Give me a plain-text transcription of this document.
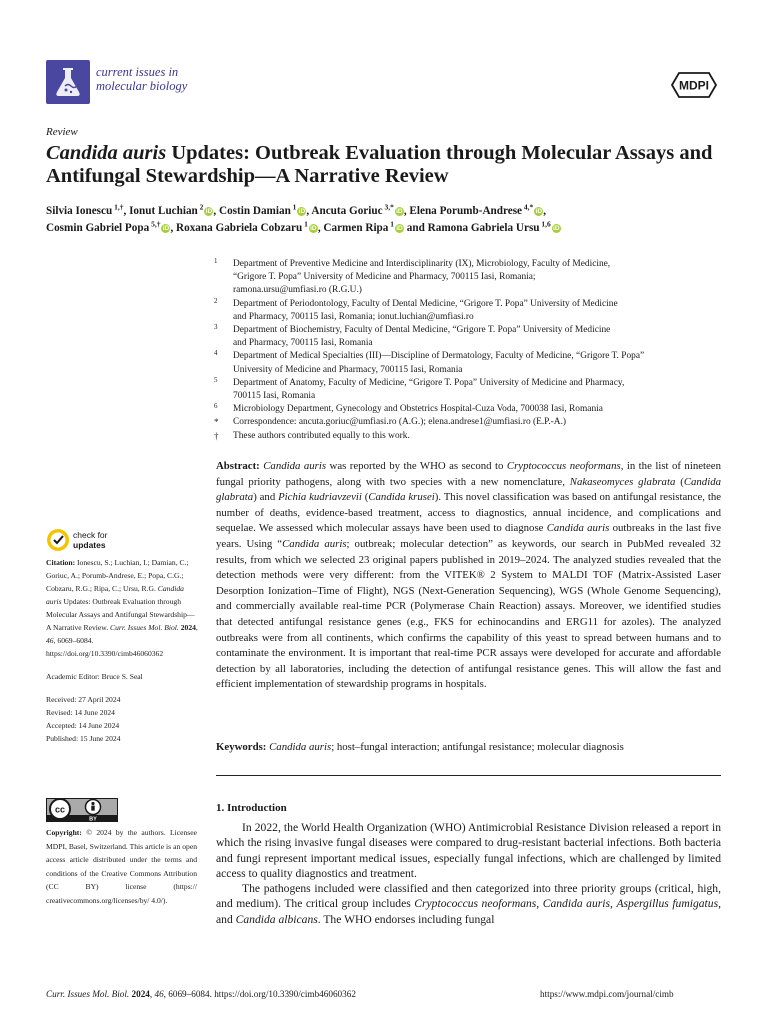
current issues in
molecular biology	MDPI
Review
Candida auris Updates: Outbreak Evaluation through Molecular Assays and Antifungal Stewardship—A Narrative Review
Silvia Ionescu $^{1,\dagger}$, Ionut Luchian $^2$iD, Costin Damian $^1$iD, Ancuta Goriuc $^{3,*}$iD, Elena Porumb-Andrese $^{4,*}$iD,
Cosmin Gabriel Popa $^{5,\dagger}$iD, Roxana Gabriela Cobzaru $^1$iD, Carmen Ripa $^1$iD and Ramona Gabriela Ursu $^{1,6}$iD
1 Department of Preventive Medicine and Interdisciplinarity (IX), Microbiology, Faculty of Medicine,
“Grigore T. Popa” University of Medicine and Pharmacy, 700115 Iasi, Romania;
ramona.ursu@umfiasi.ro (R.G.U.)
2 Department of Periodontology, Faculty of Dental Medicine, “Grigore T. Popa” University of Medicine
and Pharmacy, 700115 Iasi, Romania; ionut.luchian@umfiasi.ro
3 Department of Biochemistry, Faculty of Dental Medicine, “Grigore T. Popa” University of Medicine
and Pharmacy, 700115 Iasi, Romania
4 Department of Medical Specialties (III)—Discipline of Dermatology, Faculty of Medicine, “Grigore T. Popa”
University of Medicine and Pharmacy, 700115 Iasi, Romania
5 Department of Anatomy, Faculty of Medicine, “Grigore T. Popa” University of Medicine and Pharmacy,
700115 Iasi, Romania
6 Microbiology Department, Gynecology and Obstetrics Hospital-Cuza Voda, 700038 Iasi, Romania
* Correspondence: ancuta.goriuc@umfiasi.ro (A.G.); elena.andrese1@umfiasi.ro (E.P.-A.)
† These authors contributed equally to this work.
Abstract: Candida auris was reported by the WHO as second to Cryptococcus neoformans, in the list of nineteen fungal priority pathogens, along with two species with a new nomenclature, Nakaseomyces glabrata (Candida glabrata) and Pichia kudriavzevii (Candida krusei). This novel classification was based on antifungal resistance, the number of deaths, evidence-based treatment, access to diagnostics, annual incidence, and complications and sequelae. We assessed which molecular assays have been used to diagnose Candida auris outbreaks in the last five years. Using “Candida auris; outbreak; molecular detection” as keywords, our search in PubMed revealed 32 results, from which we selected 23 original papers published in 2019–2024. The analyzed studies revealed that the detection methods were very different: from the VITEK® 2 System to MALDI TOF (Matrix-Assisted Laser Desorption Ionization–Time of Flight), NGS (Next-Generation Sequencing), WGS (Whole Genome Sequencing), and commercially available real-time PCR (Polymerase Chain Reaction) assays. Moreover, we identified studies that detected antifungal resistance genes (e.g., FKS for echinocandins and ERG11 for azoles). The analyzed outbreaks were from all continents, which confirms the capability of this yeast to spread between humans and to contaminate the environment. It is important that real-time PCR assays were developed for accurate and affordable detection by all laboratories, including the detection of antifungal resistance genes. This will allow the fast and efficient implementation of stewardship programs in hospitals.
Keywords: Candida auris; host–fungal interaction; antifungal resistance; molecular diagnosis
1. Introduction

In 2022, the World Health Organization (WHO) Antimicrobial Resistance Division released a report in which the rising invasive fungal diseases were compared to drug-resistant bacterial infections. Both bacteria and fungi represent important medical issues, especially fungal infections, which are challenged by limited access to quality diagnostics and treatment.

The pathogens included were classified and then categorized into three priority groups (critical, high, and medium). The critical group includes Cryptococcus neoformans, Candida auris, Aspergillus fumigatus, and Candida albicans. The WHO endorses including fungal

check for
updates

Citation: Ionescu, S.; Luchian, I.; Damian, C.; Goriuc, A.; Porumb-Andrese, E.; Popa, C.G.; Cobzaru, R.G.; Ripa, C.; Ursu, R.G. Candida auris Updates: Outbreak Evaluation through Molecular Assays and Antifungal Stewardship—A Narrative Review. Curr. Issues Mol. Biol. 2024, 46, 6069–6084. https://doi.org/10.3390/cimb46060362

Academic Editor: Bruce S. Seal

Received: 27 April 2024
Revised: 14 June 2024
Accepted: 14 June 2024
Published: 15 June 2024
cc
BY
Copyright: © 2024 by the authors. Licensee MDPI, Basel, Switzerland. This article is an open access article distributed under the terms and conditions of the Creative Commons Attribution (CC BY) license (https:// creativecommons.org/licenses/by/ 4.0/).
Curr. Issues Mol. Biol. 2024, 46, 6069–6084. https://doi.org/10.3390/cimb46060362	https://www.mdpi.com/journal/cimb
